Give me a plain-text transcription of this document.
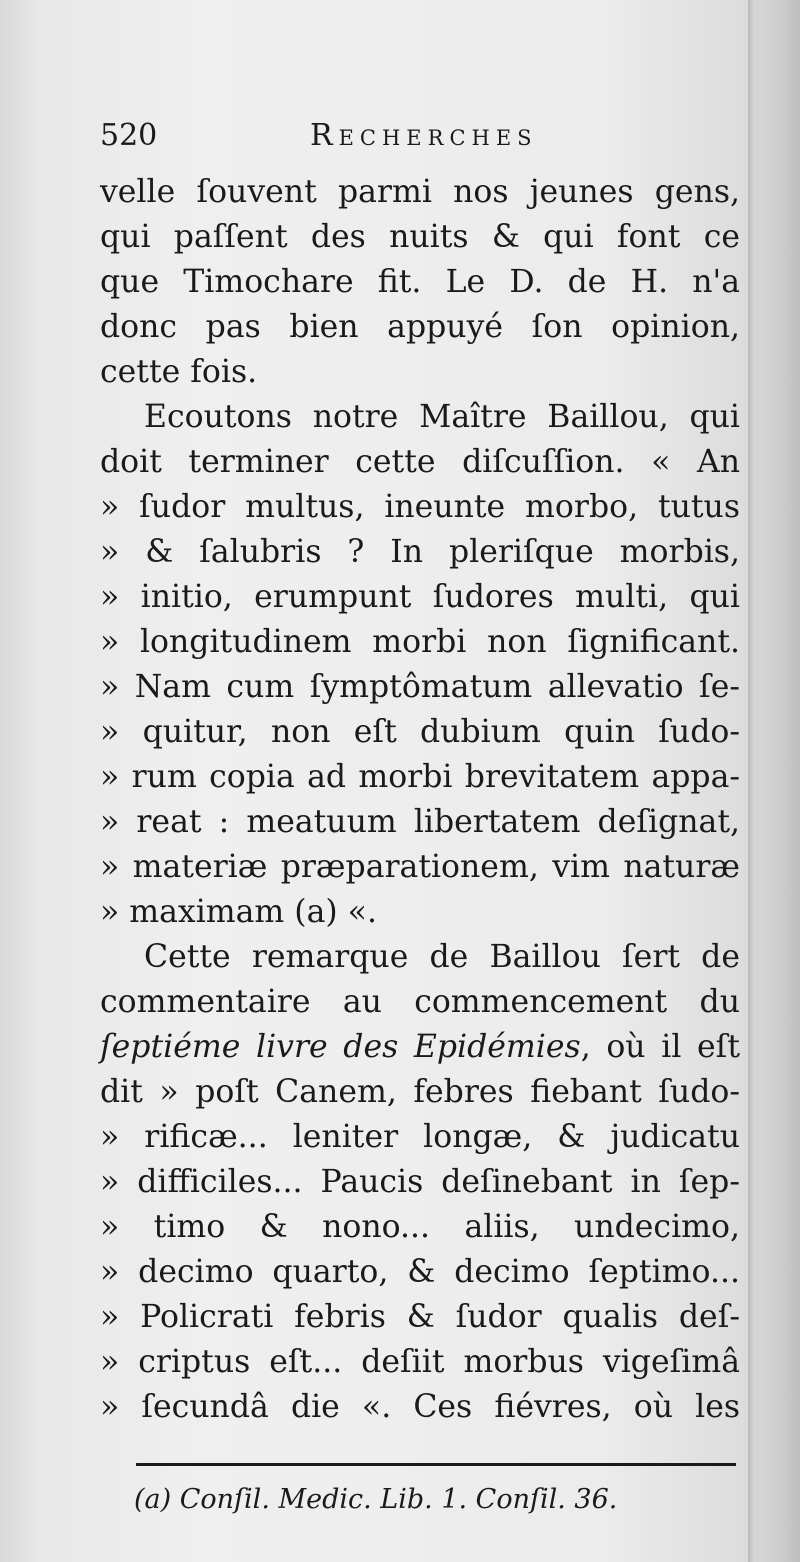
520	Recherches
velle ſouvent parmi nos jeunes gens,
qui paſſent des nuits & qui font ce
que Timochare fit. Le D. de H. n'a
donc pas bien appuyé ſon opinion,
cette fois.
Ecoutons notre Maître Baillou, qui
doit terminer cette diſcuſſion. « An
» ſudor multus, ineunte morbo, tutus
» & ſalubris ? In pleriſque morbis,
» initio, erumpunt ſudores multi, qui
» longitudinem morbi non ſignificant.
» Nam cum ſymptômatum allevatio ſe-
» quitur, non eſt dubium quin ſudo-
» rum copia ad morbi brevitatem appa-
» reat : meatuum libertatem deſignat,
» materiæ præparationem, vim naturæ
» maximam (a) «.
Cette remarque de Baillou ſert de
commentaire au commencement du
ſeptiéme livre des Epidémies, où il eſt
dit » poſt Canem, febres fiebant ſudo-
» rificæ... leniter longæ, & judicatu
» difficiles... Paucis deſinebant in ſep-
» timo & nono... aliis, undecimo,
» decimo quarto, & decimo ſeptimo...
» Policrati febris & ſudor qualis deſ-
» criptus eſt... deſiit morbus vigeſimâ
» ſecundâ die «. Ces fiévres, où les
(a) Conſil. Medic. Lib. 1. Conſil. 36.
